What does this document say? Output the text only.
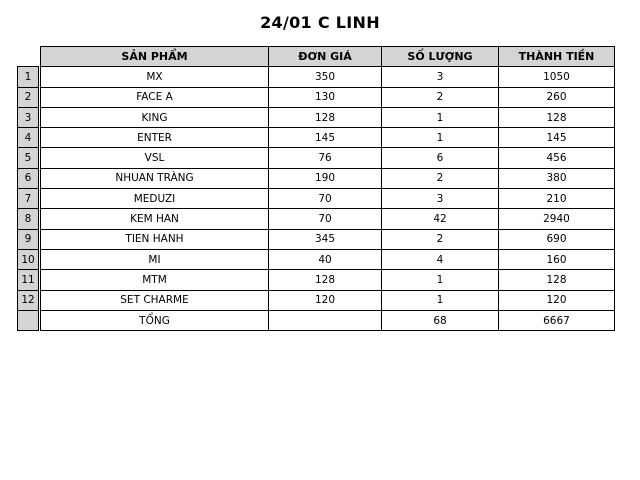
24/01 C LINH
		SẢN PHẨM	ĐƠN GIÁ	SỐ LƯỢNG	THÀNH TIỀN
1		MX	350	3	1050
2		FACE A	130	2	260
3		KING	128	1	128
4		ENTER	145	1	145
5		VSL	76	6	456
6		NHUAN TRÀNG	190	2	380
7		MEDUZI	70	3	210
8		KEM HAN	70	42	2940
9		TIEN HANH	345	2	690
10		MI	40	4	160
11		MTM	128	1	128
12		SET CHARME	120	1	120
		TỔNG		68	6667
